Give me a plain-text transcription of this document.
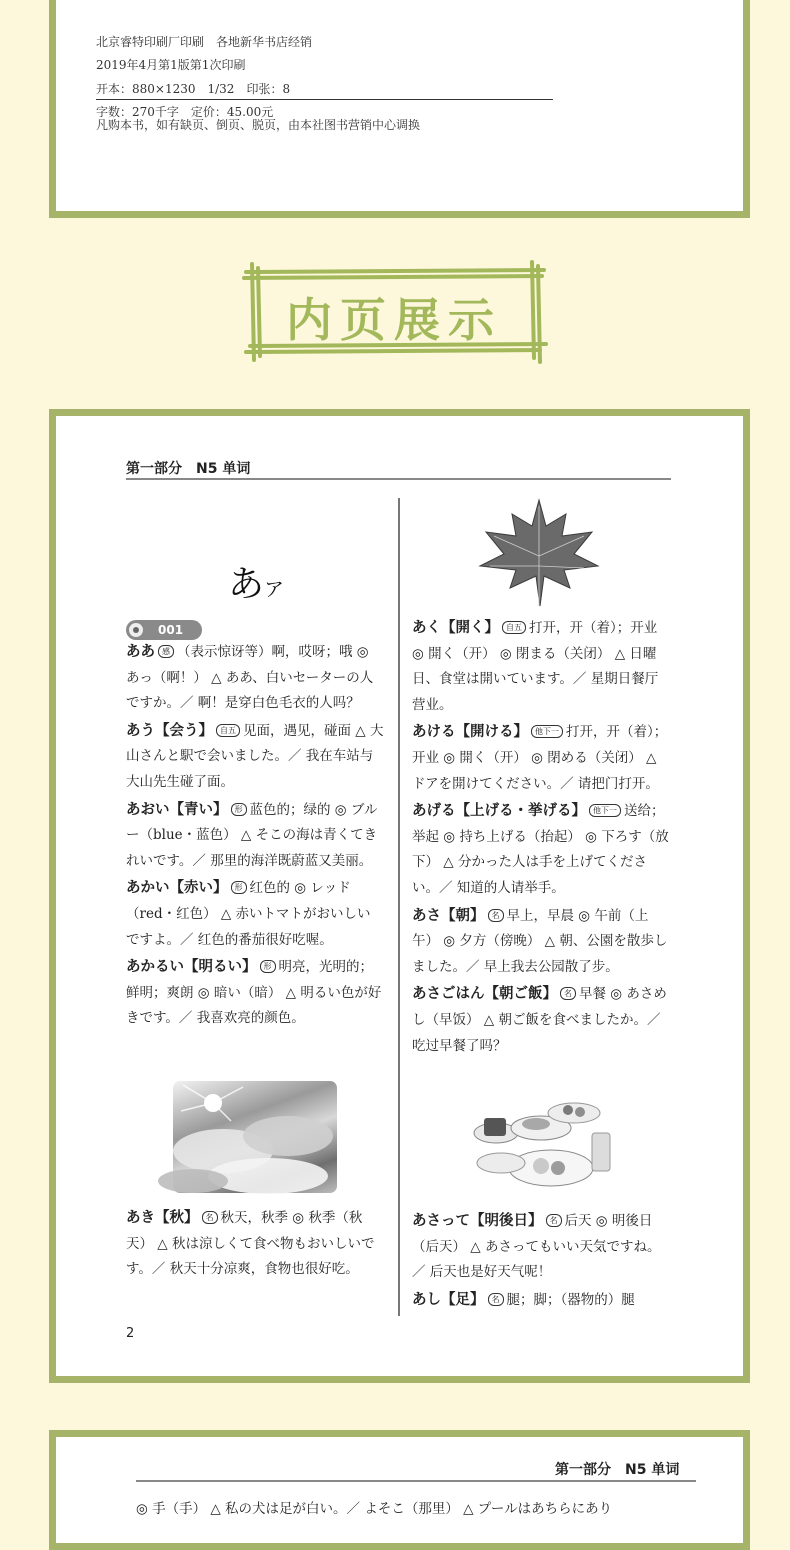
北京睿特印刷厂印刷　各地新华书店经销
2019年4月第1版第1次印刷
开本：880×1230　1/32　印张：8
字数：270千字　定价：45.00元
凡购本书，如有缺页、倒页、脱页，由本社图书营销中心调换
内页展示
第一部分　N5 单词
あア
001
ああ 感 （表示惊讶等）啊，哎呀；哦 ◎ あっ（啊！） △ ああ、白いセーターの人ですか。／ 啊！是穿白色毛衣的人吗？
あう【会う】 自五 见面，遇见，碰面 △ 大山さんと駅で会いました。／ 我在车站与大山先生碰了面。
あおい【青い】 形 蓝色的；绿的 ◎ ブルー（blue・蓝色） △ そこの海は青くてきれいです。／ 那里的海洋既蔚蓝又美丽。
あかい【赤い】 形 红色的 ◎ レッド（red・红色） △ 赤いトマトがおいしいですよ。／ 红色的番茄很好吃喔。
あかるい【明るい】 形 明亮，光明的；鲜明；爽朗 ◎ 暗い（暗） △ 明るい色が好きです。／ 我喜欢亮的颜色。
あき【秋】 名 秋天，秋季 ◎ 秋季（秋天） △ 秋は涼しくて食べ物もおいしいです。／ 秋天十分凉爽，食物也很好吃。
あく【開く】 自五 打开，开（着）；开业 ◎ 開く（开） ◎ 閉まる（关闭） △ 日曜日、食堂は開いています。／ 星期日餐厅营业。
あける【開ける】 他下一 打开，开（着）；开业 ◎ 開く（开） ◎ 閉める（关闭） △ ドアを開けてください。／ 请把门打开。
あげる【上げる・挙げる】 他下一 送给；举起 ◎ 持ち上げる（抬起） ◎ 下ろす（放下） △ 分かった人は手を上げてください。／ 知道的人请举手。
あさ【朝】 名 早上，早晨 ◎ 午前（上午） ◎ 夕方（傍晚） △ 朝、公園を散歩しました。／ 早上我去公园散了步。
あさごはん【朝ご飯】 名 早餐 ◎ あさめし（早饭） △ 朝ご飯を食べましたか。／ 吃过早餐了吗？
あさって【明後日】 名 后天 ◎ 明後日（后天） △ あさってもいい天気ですね。／ 后天也是好天气呢！
あし【足】 名 腿；脚；（器物的）腿
2
第一部分　N5 单词
◎ 手（手） △ 私の犬は足が白い。／ よそこ（那里） △ プールはあちらにあり
